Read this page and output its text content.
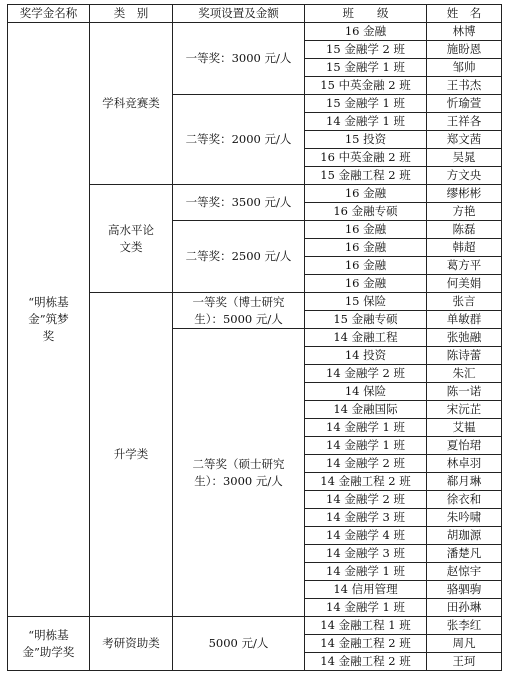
奖学金名称	类　别	奖项设置及金额	班　　级	姓　名
“明栋基金”筑梦奖	学科竞赛类	一等奖：3000 元/人	16 金融	林博
			15 金融学 2 班	施盼恩
			15 金融学 1 班	邹帅
			15 中英金融 2 班	王书杰
		二等奖：2000 元/人	15 金融学 1 班	忻瑜萱
			14 金融学 1 班	王祥各
			15 投资	郑文茜
			16 中英金融 2 班	吴晁
			15 金融工程 2 班	方文央
	高水平论文类	一等奖：3500 元/人	16 金融	缪彬彬
			16 金融专硕	方艳
		二等奖：2500 元/人	16 金融	陈磊
			16 金融	韩超
			16 金融	葛方平
			16 金融	何美娟
	升学类	一等奖（博士研究生）：5000 元/人	15 保险	张言
			15 金融专硕	单敏群
		二等奖（硕士研究生）：3000 元/人	14 金融工程	张弛融
			14 投资	陈诗蕾
			14 金融学 2 班	朱汇
			14 保险	陈一诺
			14 金融国际	宋沅芷
			14 金融学 1 班	艾韫
			14 金融学 1 班	夏怡珺
			14 金融学 2 班	林卓羽
			14 金融工程 2 班	郗月琳
			14 金融学 2 班	徐衣和
			14 金融学 3 班	朱吟啸
			14 金融学 4 班	胡珈源
			14 金融学 3 班	潘楚凡
			14 金融学 1 班	赵惊宇
			14 信用管理	骆驷驹
			14 金融学 1 班	田孙琳
“明栋基金”助学奖	考研资助类	5000 元/人	14 金融工程 1 班	张李红
			14 金融工程 2 班	周凡
			14 金融工程 2 班	王珂
